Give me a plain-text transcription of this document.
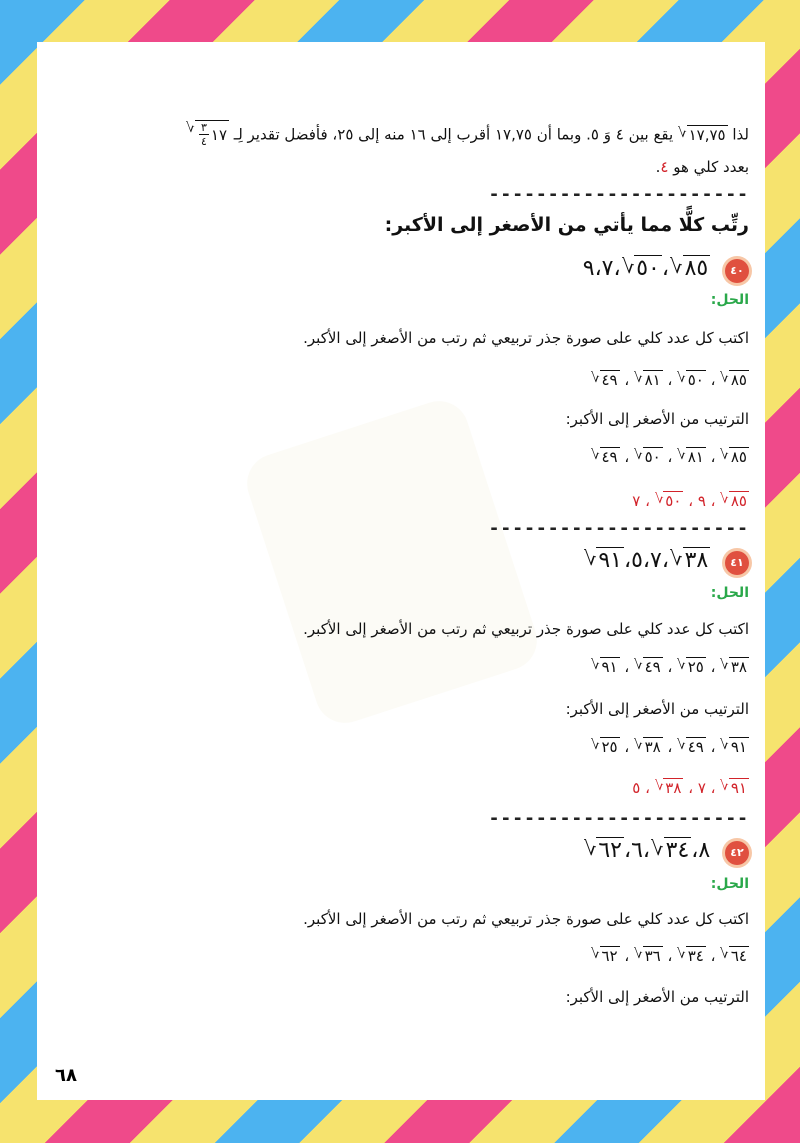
لذا
١٧,٧٥
√
يقع بين ٤ وَ ٥. وبما أن ١٧,٧٥ أقرب إلى ١٦ منه إلى ٢٥، فأفضل تقدير لِـ
١٧
$\frac{٣}{٤}$
√
بعدد كلي هو ٤.
----------------------
رتِّب كلًّا مما يأتي من الأصغر إلى الأكبر:
٤٠
٨٥
√
،
٥٠
√
،٩،٧
الحل:
اكتب كل عدد كلي على صورة جذر تربيعي ثم رتب من الأصغر إلى الأكبر.
٨٥
√
،
٥٠
√
،
٨١
√
،
٤٩
√
الترتيب من الأصغر إلى الأكبر:
٨٥
√
،
٨١
√
،
٥٠
√
،
٤٩
√
٨٥
√
، ٩ ،
٥٠
√
، ٧
----------------------
٤١
٣٨
√
،٥،٧،
٩١
√
الحل:
اكتب كل عدد كلي على صورة جذر تربيعي ثم رتب من الأصغر إلى الأكبر.
٣٨
√
،
٢٥
√
،
٤٩
√
،
٩١
√
الترتيب من الأصغر إلى الأكبر:
٩١
√
،
٤٩
√
،
٣٨
√
،
٢٥
√
٩١
√
، ٧ ،
٣٨
√
، ٥
----------------------
٤٢ ٨،
٣٤
√
،٦،
٦٢
√
الحل:
اكتب كل عدد كلي على صورة جذر تربيعي ثم رتب من الأصغر إلى الأكبر.
٦٤
√
،
٣٤
√
،
٣٦
√
،
٦٢
√
الترتيب من الأصغر إلى الأكبر:
٦٨
